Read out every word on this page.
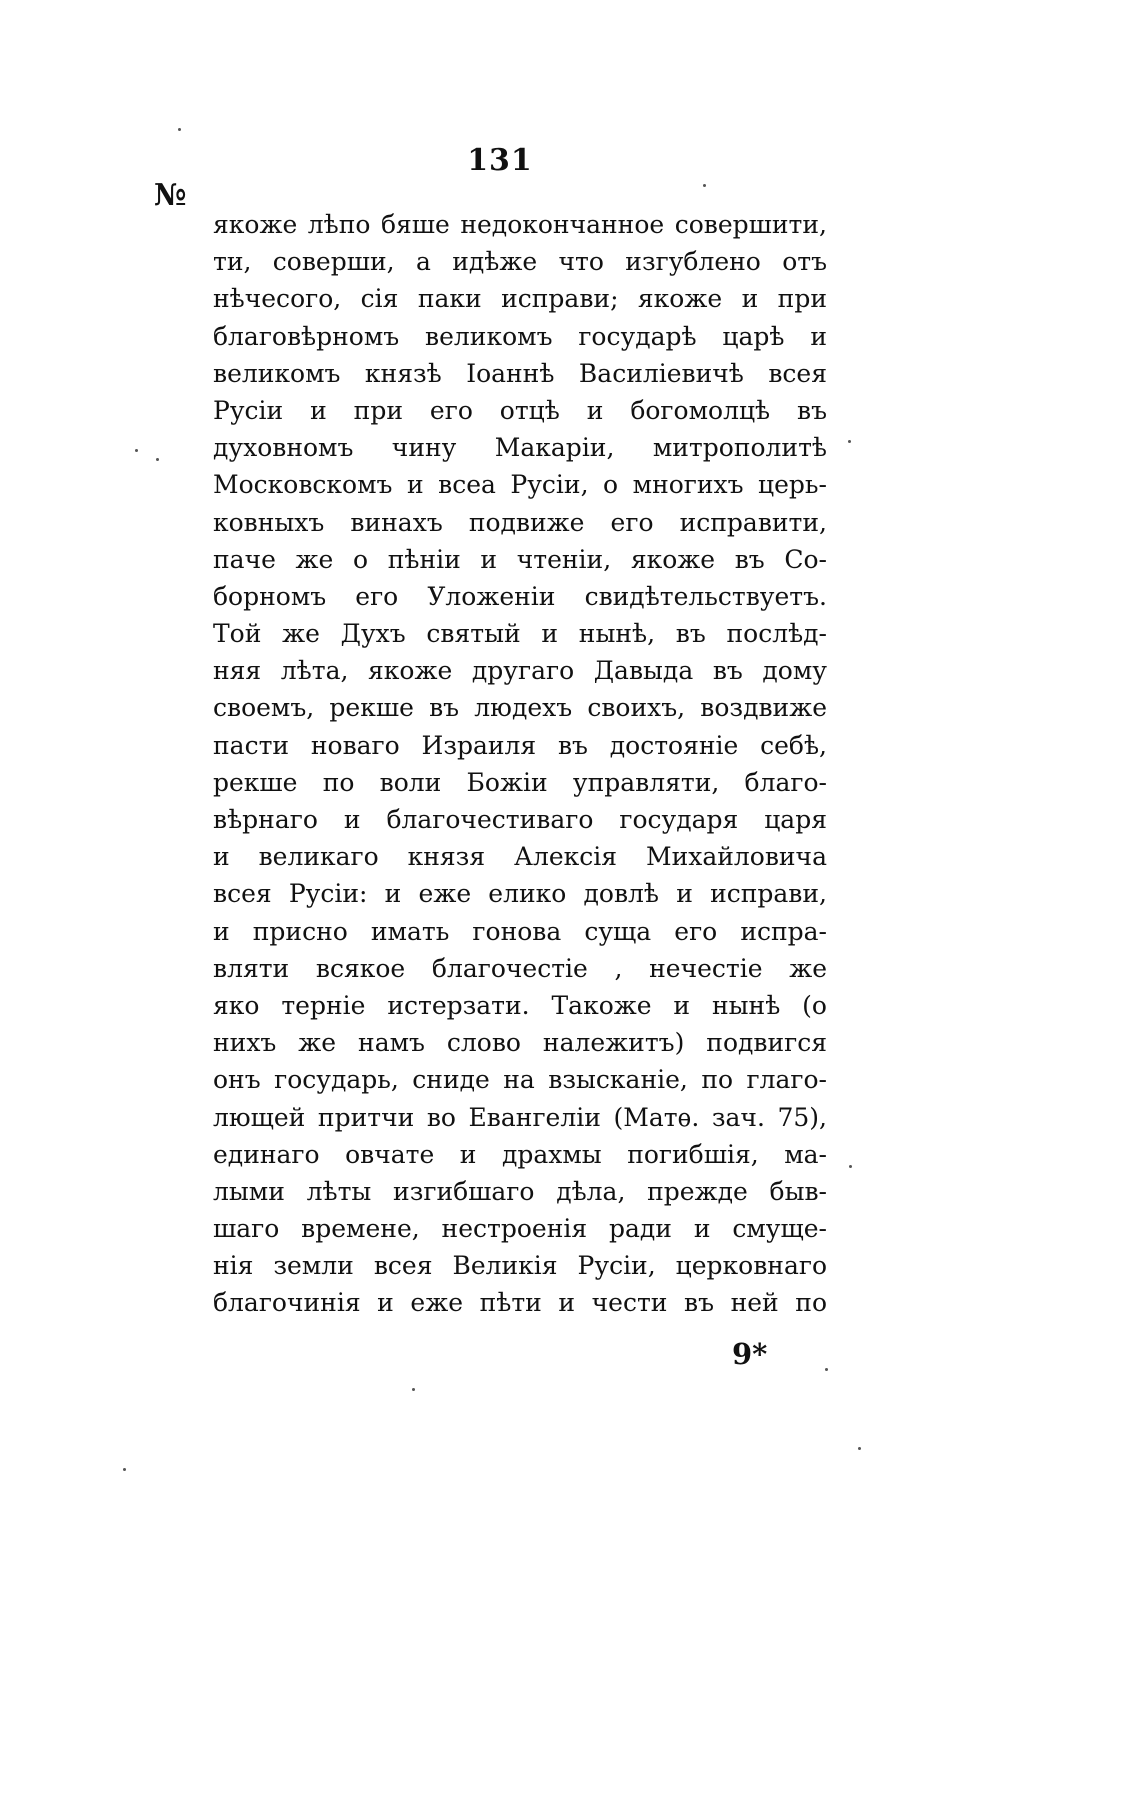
131
№
якоже лѣпо бяше недокончанное совершити,
ти, соверши, а идѣже что изгублено отъ
нѣчесого, сія паки исправи; якоже и при
благовѣрномъ великомъ государѣ царѣ и
великомъ князѣ Іоаннѣ Василіевичѣ всея
Русіи и при его отцѣ и богомолцѣ въ
духовномъ чину Макаріи, митрополитѣ
Московскомъ и всеа Русіи, о многихъ церь-
ковныхъ винахъ подвиже его исправити,
паче же о пѣніи и чтеніи, якоже въ Со-
борномъ его Уложеніи свидѣтельствуетъ.
Той же Духъ святый и нынѣ, въ послѣд-
няя лѣта, якоже другаго Давыда въ дому
своемъ, рекше въ людехъ своихъ, воздвиже
пасти новаго Израиля въ достояніе себѣ,
рекше по воли Божіи управляти, благо-
вѣрнаго и благочестиваго государя царя
и великаго князя Алексія Михайловича
всея Русіи: и еже елико довлѣ и исправи,
и присно имать гонова суща его испра-
вляти всякое благочестіе , нечестіе же
яко терніе истерзати. Такоже и нынѣ (о
нихъ же намъ слово належитъ) подвигся
онъ государь, сниде на взысканіе, по глаго-
лющей притчи во Евангеліи (Матѳ. зач. 75),
единаго овчате и драхмы погибшія, ма-
лыми лѣты изгибшаго дѣла, прежде быв-
шаго времене, нестроенія ради и смуще-
нія земли всея Великія Русіи, церковнаго
благочинія и еже пѣти и чести въ ней по
9*
